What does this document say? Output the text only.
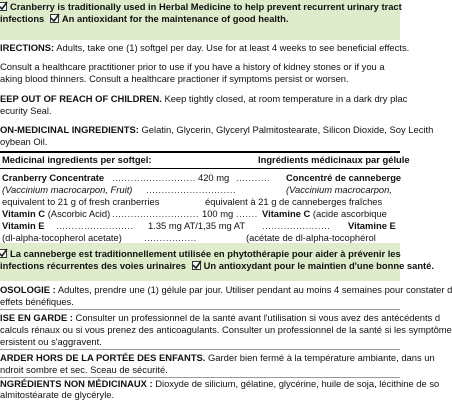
Cranberry is traditionally used in Herbal Medicine to help prevent recurrent urinary tract
infections An antioxidant for the maintenance of good health.
IRECTIONS: Adults, take one (1) softgel per day. Use for at least 4 weeks to see beneficial effects.
Consult a healthcare practitioner prior to use if you have a history of kidney stones or if you a
aking blood thinners. Consult a healthcare practioner if symptoms persist or worsen.
EEP OUT OF REACH OF CHILDREN. Keep tightly closed, at room temperature in a dark dry plac
ecurity Seal.
ON-MEDICINAL INGREDIENTS: Gelatin, Glycerin, Glyceryl Palmitostearate, Silicon Dioxide, Soy Lecith
oybean Oil.
Medicinal ingredients per softgel:	Ingrédients médicinaux par gélule
Cranberry Concentrate ........................... 420 mg ........... Concentré de canneberge
(Vaccinium macrocarpon, Fruit) .............................	(Vaccinium macrocarpon,
equivalent to 21 g of fresh cranberries	équivalent à 21 g de canneberges fraîches
Vitamin C (Ascorbic Acid) ............................ 100 mg ....... Vitamine C (acide ascorbique
Vitamin E ......................... 1.35 mg AT/1,35 mg AT ...................... Vitamine E
(dl-alpha-tocopherol acetate) .................	(acétate de dl-alpha-tocophérol
La canneberge est traditionnellement utilisée en phytothérapie pour aider à prévenir les
infections récurrentes des voies urinaires Un antioxydant pour le maintien d'une bonne santé.
OSOLOGIE : Adultes, prendre une (1) gélule par jour. Utiliser pendant au moins 4 semaines pour constater d
effets bénéfiques.
ISE EN GARDE : Consulter un professionnel de la santé avant l'utilisation si vous avez des antécédents d
calculs rénaux ou si vous prenez des anticoagulants. Consulter un professionnel de la santé si les symptôme
ersistent ou s'aggravent.
ARDER HORS DE LA PORTÉE DES ENFANTS. Garder bien fermé à la température ambiante, dans un
ndroit sombre et sec. Sceau de sécurité.
NGRÉDIENTS NON MÉDICINAUX : Dioxyde de silicium, gélatine, glycérine, huile de soja, lécithine de so
almitostéarate de glycéryle.
